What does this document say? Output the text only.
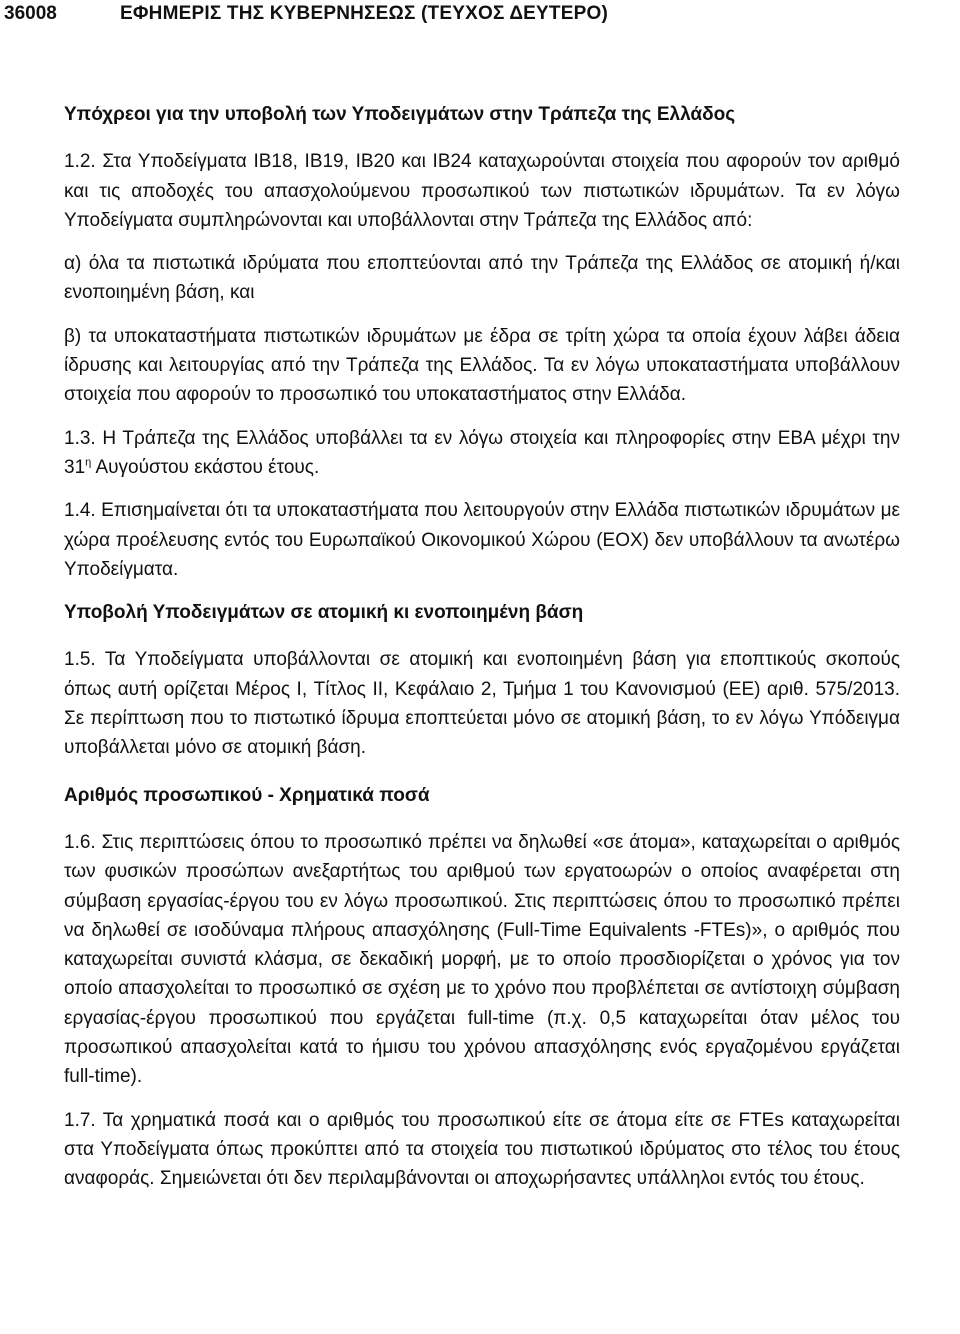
36008	ΕΦΗΜΕΡΙΣ ΤΗΣ ΚΥΒΕΡΝΗΣΕΩΣ (ΤΕΥΧΟΣ ΔΕΥΤΕΡΟ)

Υπόχρεοι για την υποβολή των Υποδειγμάτων στην Τράπεζα της Ελλάδος

1.2. Στα Υποδείγματα ΙΒ18, ΙΒ19, ΙΒ20 και ΙΒ24 καταχωρούνται στοιχεία που αφορούν τον αριθμό και τις αποδοχές του απασχολούμενου προσωπικού των πιστωτικών ιδρυμάτων. Τα εν λόγω Υποδείγματα συμπληρώνονται και υποβάλλονται στην Τράπεζα της Ελλάδος από:

α) όλα τα πιστωτικά ιδρύματα που εποπτεύονται από την Τράπεζα της Ελλάδος σε ατομική ή/και ενοποιημένη βάση, και

β) τα υποκαταστήματα πιστωτικών ιδρυμάτων με έδρα σε τρίτη χώρα τα οποία έχουν λάβει άδεια ίδρυσης και λειτουργίας από την Τράπεζα της Ελλάδος. Τα εν λόγω υποκαταστήματα υποβάλλουν στοιχεία που αφορούν το προσωπικό του υποκαταστήματος στην Ελλάδα.

1.3. Η Τράπεζα της Ελλάδος υποβάλλει τα εν λόγω στοιχεία και πληροφορίες στην EBA μέχρι την $31^\eta$ Αυγούστου εκάστου έτους.

1.4. Επισημαίνεται ότι τα υποκαταστήματα που λειτουργούν στην Ελλάδα πιστωτικών ιδρυμάτων με χώρα προέλευσης εντός του Ευρωπαϊκού Οικονομικού Χώρου (ΕΟΧ) δεν υποβάλλουν τα ανωτέρω Υποδείγματα.

Υποβολή Υποδειγμάτων σε ατομική κι ενοποιημένη βάση

1.5. Τα Υποδείγματα υποβάλλονται σε ατομική και ενοποιημένη βάση για εποπτικούς σκοπούς όπως αυτή ορίζεται Μέρος I, Τίτλος II, Κεφάλαιο 2, Τμήμα 1 του Κανονισμού (ΕΕ) αριθ. 575/2013. Σε περίπτωση που το πιστωτικό ίδρυμα εποπτεύεται μόνο σε ατομική βάση, το εν λόγω Υπόδειγμα υποβάλλεται μόνο σε ατομική βάση.

Αριθμός προσωπικού - Χρηματικά ποσά

1.6. Στις περιπτώσεις όπου το προσωπικό πρέπει να δηλωθεί «σε άτομα», καταχωρείται ο αριθμός των φυσικών προσώπων ανεξαρτήτως του αριθμού των εργατοωρών ο οποίος αναφέρεται στη σύμβαση εργασίας-έργου του εν λόγω προσωπικού. Στις περιπτώσεις όπου το προσωπικό πρέπει να δηλωθεί σε ισοδύναμα πλήρους απασχόλησης (Full-Time Equivalents -FTEs)», ο αριθμός που καταχωρείται συνιστά κλάσμα, σε δεκαδική μορφή, με το οποίο προσδιορίζεται ο χρόνος για τον οποίο απασχολείται το προσωπικό σε σχέση με το χρόνο που προβλέπεται σε αντίστοιχη σύμβαση εργασίας-έργου προσωπικού που εργάζεται full-time (π.χ. 0,5 καταχωρείται όταν μέλος του προσωπικού απασχολείται κατά το ήμισυ του χρόνου απασχόλησης ενός εργαζομένου εργάζεται full-time).

1.7. Τα χρηματικά ποσά και ο αριθμός του προσωπικού είτε σε άτομα είτε σε FTEs καταχωρείται στα Υποδείγματα όπως προκύπτει από τα στοιχεία του πιστωτικού ιδρύματος στο τέλος του έτους αναφοράς. Σημειώνεται ότι δεν περιλαμβάνονται οι αποχωρήσαντες υπάλληλοι εντός του έτους.
